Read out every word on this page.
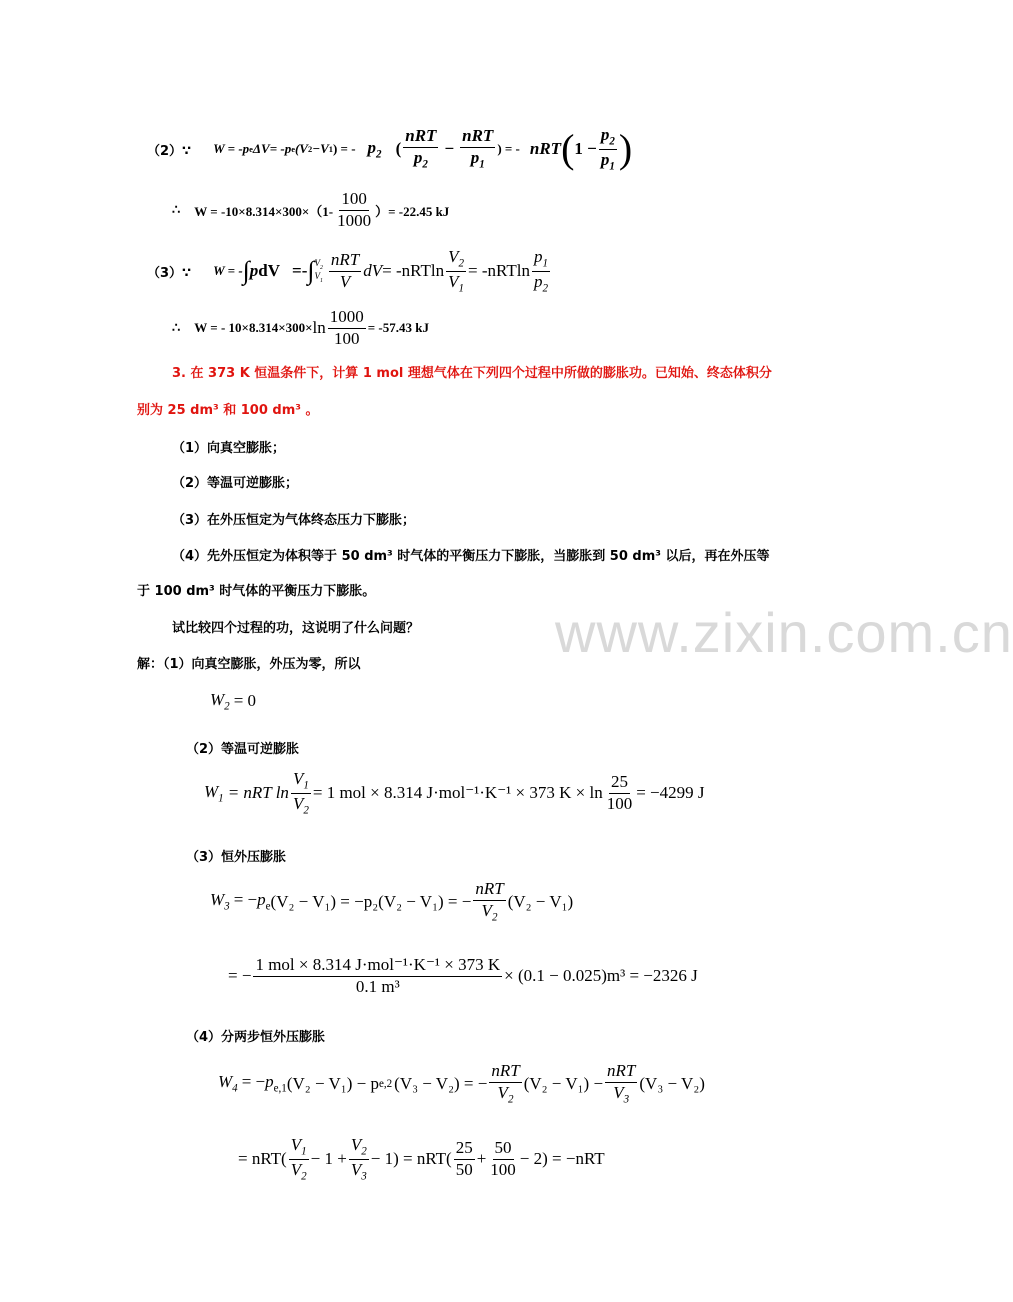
www.zixin.com.cn
（2）∵ W = -p e ΔV= -p e (V 2 −V 1 ) = - $p_2$ ( $\frac{\text{nRT}}{p_2} - \frac{\text{nRT}}{p_1}$ ) = - nRT ( $1 - \frac{p_2}{p_1}$ )
∴ $W = -10\times 8.314\times 300\times(1- \frac{100}{1000}$ ）= -22.45 kJ
（3）∵ W = - ∫ pdV =- ∫ $V_2$
$V_1 \frac{\text{nRT}}{V}$ dV = $-nRTln \frac{V_2}{V_1} = -nRTln \frac{p_1}{p_2}$
∴ W = - $10\times 8.314\times 300\times \ln \frac{1000}{100} = -57.43$ kJ
3. 在 373 K 恒温条件下，计算 1 mol 理想气体在下列四个过程中所做的膨胀功。已知始、终态体积分
别为 25 dm³ 和 100 dm³ 。
（1）向真空膨胀；
（2）等温可逆膨胀；
（3）在外压恒定为气体终态压力下膨胀；
（4）先外压恒定为体积等于 50 dm³ 时气体的平衡压力下膨胀，当膨胀到 50 dm³ 以后，再在外压等
于 100 dm³ 时气体的平衡压力下膨胀。
试比较四个过程的功，这说明了什么问题？
解：（1）向真空膨胀，外压为零，所以
$W_2 = 0$
（2）等温可逆膨胀
$W_1$ = nRT $\ln \frac{V_1}{V_2} = 1$ mol × 8.314 J·mol⁻¹·K⁻¹ × 373 $K \times \ln \frac{25}{100} = -4299$ J
（3）恒外压膨胀
$W_3 = -p_e$ (V₂ − V₁) = −p₂(V₂ − V₁) = − $\frac{\text{nRT}}{V_2} (V_2 - V_1)$
= − $\frac{\text{1 mol × 8.314 J·mol⁻¹·K⁻¹ × 373 K}}{\text{0.1 m³}} \times (0.1 - 0.025)m^3 = -2326$ J
（4）分两步恒外压膨胀
$W_4 = -p_{e,1}$ (V₂ − V₁) − p e,2 (V₃ − V₂) = − $\frac{\text{nRT}}{V_2} (V_2 - V_1) - \frac{\text{nRT}}{V_3} (V_3 - V_2)$
= $nRT( \frac{V_1}{V_2} - 1 + \frac{V_2}{V_3} - 1) = nRT( \frac{25}{50} + \frac{50}{100} - 2) = -nRT$
